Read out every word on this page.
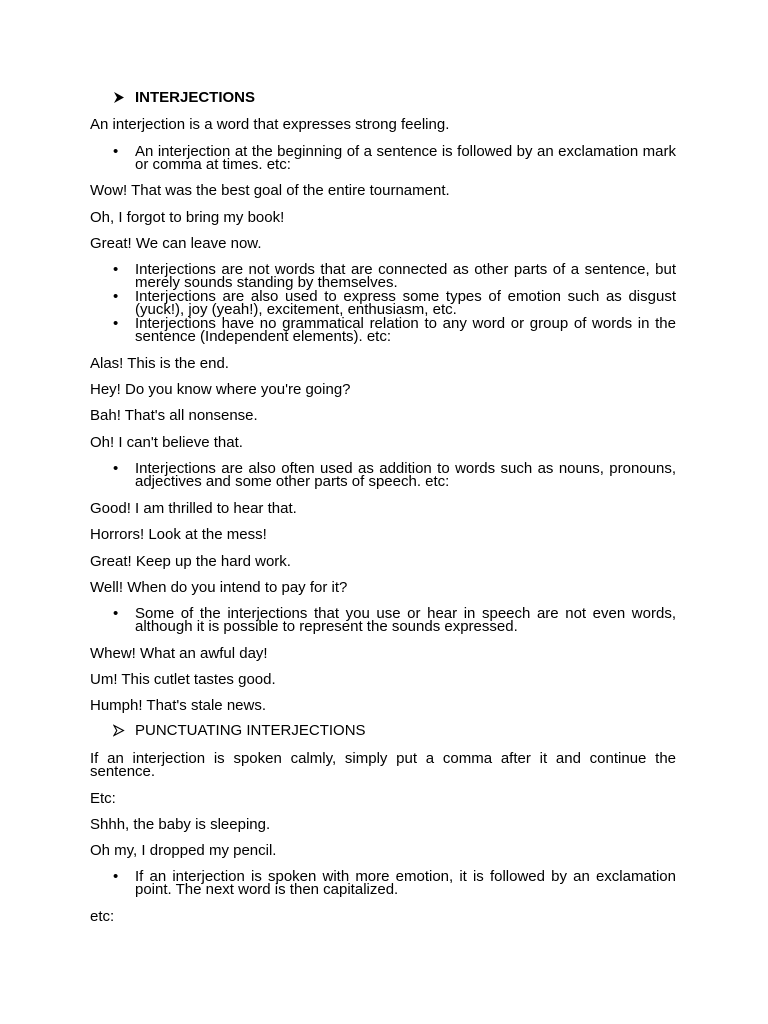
INTERJECTIONS
An interjection is a word that expresses strong feeling.
• An interjection at the beginning of a sentence is followed by an exclamation mark or comma at times. etc:
Wow! That was the best goal of the entire tournament.
Oh, I forgot to bring my book!
Great! We can leave now.
• Interjections are not words that are connected as other parts of a sentence, but merely sounds standing by themselves.
• Interjections are also used to express some types of emotion such as disgust (yuck!), joy (yeah!), excitement, enthusiasm, etc.
• Interjections have no grammatical relation to any word or group of words in the sentence (Independent elements). etc:
Alas! This is the end.
Hey! Do you know where you're going?
Bah! That's all nonsense.
Oh! I can't believe that.
• Interjections are also often used as addition to words such as nouns, pronouns, adjectives and some other parts of speech. etc:
Good! I am thrilled to hear that.
Horrors! Look at the mess!
Great! Keep up the hard work.
Well! When do you intend to pay for it?
• Some of the interjections that you use or hear in speech are not even words, although it is possible to represent the sounds expressed.
Whew! What an awful day!
Um! This cutlet tastes good.
Humph! That's stale news.
PUNCTUATING INTERJECTIONS
If an interjection is spoken calmly, simply put a comma after it and continue the sentence.
Etc:
Shhh, the baby is sleeping.
Oh my, I dropped my pencil.
• If an interjection is spoken with more emotion, it is followed by an exclamation point. The next word is then capitalized.
etc:
